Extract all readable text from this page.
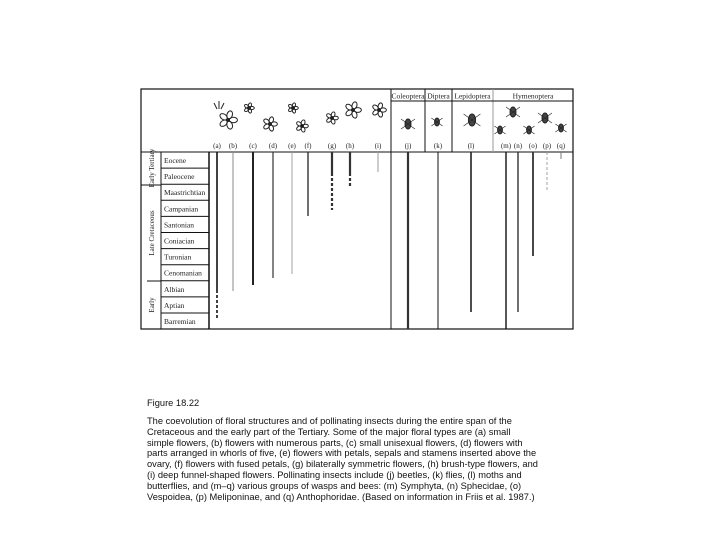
Coleoptera Diptera Lepidoptera	Hymenoptera
(a) (b) (c) (d) (e) (f) (g) (h)	(i)	(j)	(k)	(l)	(m) (n) (o) (p) (q)
Eocene
Paleocene
Maastrichtian
Campanian
Santonian
Coniacian
Turonian
Cenomanian
Albian
Aptian
Barremian
Early Tertiary
Late Cretaceous
Early
Figure 18.22
The coevolution of floral structures and of pollinating insects during the entire span of the
Cretaceous and the early part of the Tertiary. Some of the major floral types are (a) small
simple flowers, (b) flowers with numerous parts, (c) small unisexual flowers, (d) flowers with
parts arranged in whorls of five, (e) flowers with petals, sepals and stamens inserted above the
ovary, (f) flowers with fused petals, (g) bilaterally symmetric flowers, (h) brush-type flowers, and
(i) deep funnel-shaped flowers. Pollinating insects include (j) beetles, (k) flies, (l) moths and
butterflies, and (m–q) various groups of wasps and bees: (m) Symphyta, (n) Sphecidae, (o)
Vespoidea, (p) Meliponinae, and (q) Anthophoridae. (Based on information in Friis et al. 1987.)
